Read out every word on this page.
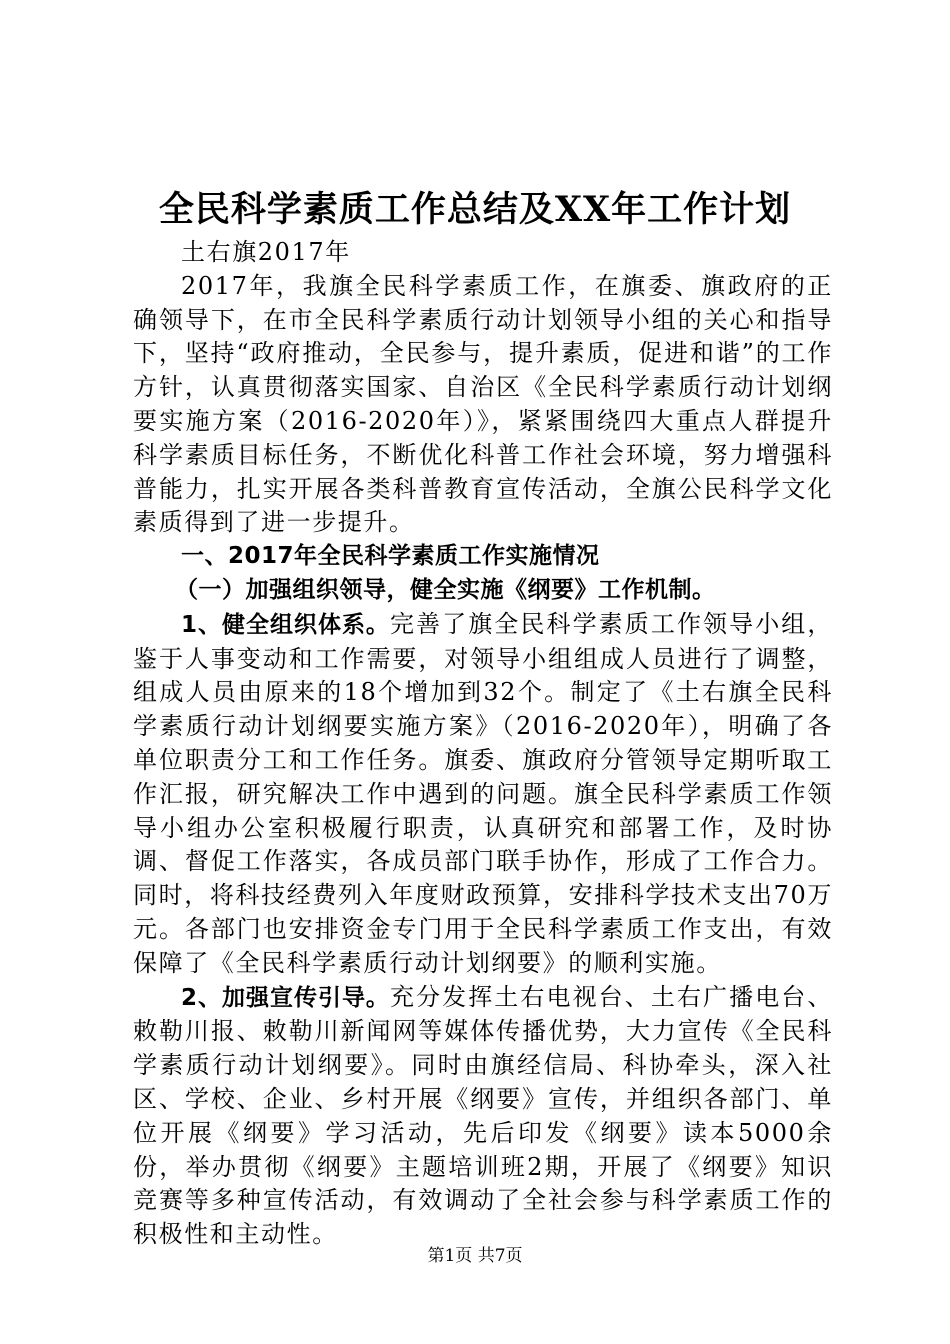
全民科学素质工作总结及XX年工作计划

土右旗2017年

2017年，我旗全民科学素质工作，在旗委、旗政府的正确领导下，在市全民科学素质行动计划领导小组的关心和指导下，坚持“政府推动，全民参与，提升素质，促进和谐”的工作方针，认真贯彻落实国家、自治区《全民科学素质行动计划纲要实施方案（2016-2020年）》，紧紧围绕四大重点人群提升科学素质目标任务，不断优化科普工作社会环境，努力增强科普能力，扎实开展各类科普教育宣传活动，全旗公民科学文化素质得到了进一步提升。

一、2017年全民科学素质工作实施情况

（一）加强组织领导，健全实施《纲要》工作机制。

1、健全组织体系。完善了旗全民科学素质工作领导小组，鉴于人事变动和工作需要，对领导小组组成人员进行了调整，组成人员由原来的18个增加到32个。制定了《土右旗全民科学素质行动计划纲要实施方案》（2016-2020年），明确了各单位职责分工和工作任务。旗委、旗政府分管领导定期听取工作汇报，研究解决工作中遇到的问题。旗全民科学素质工作领导小组办公室积极履行职责，认真研究和部署工作，及时协调、督促工作落实，各成员部门联手协作，形成了工作合力。同时，将科技经费列入年度财政预算，安排科学技术支出70万元。各部门也安排资金专门用于全民科学素质工作支出，有效保障了《全民科学素质行动计划纲要》的顺利实施。

2、加强宣传引导。充分发挥土右电视台、土右广播电台、敕勒川报、敕勒川新闻网等媒体传播优势，大力宣传《全民科学素质行动计划纲要》。同时由旗经信局、科协牵头，深入社区、学校、企业、乡村开展《纲要》宣传，并组织各部门、单位开展《纲要》学习活动，先后印发《纲要》读本5000余份，举办贯彻《纲要》主题培训班2期，开展了《纲要》知识竞赛等多种宣传活动，有效调动了全社会参与科学素质工作的积极性和主动性。

第1页 共7页
